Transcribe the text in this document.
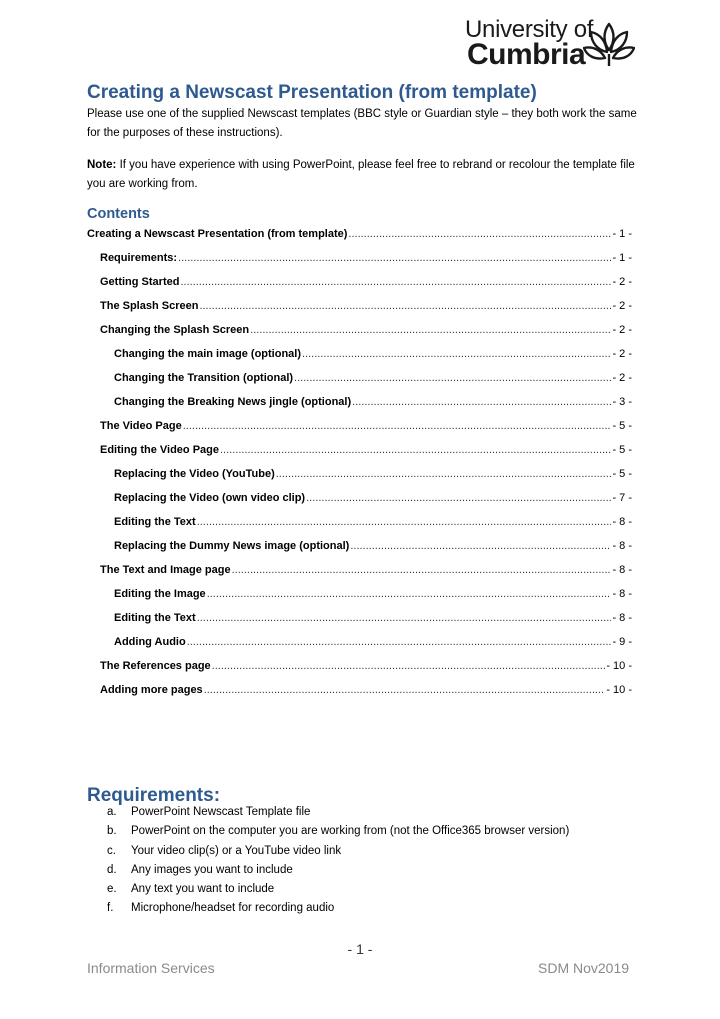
University of
Cumbria
Creating a Newscast Presentation (from template)

Please use one of the supplied Newscast templates (BBC style or Guardian style – they both work the same for the purposes of these instructions).

Note: If you have experience with using PowerPoint, please feel free to rebrand or recolour the template file you are working from.

Contents
Creating a Newscast Presentation (from template) .....	- 1 -
Requirements: .....	- 1 -
Getting Started .....	- 2 -
The Splash Screen .....	- 2 -
Changing the Splash Screen .....	- 2 -
Changing the main image (optional) .....	- 2 -
Changing the Transition (optional) .....	- 2 -
Changing the Breaking News jingle (optional) .....	- 3 -
The Video Page .....	- 5 -
Editing the Video Page .....	- 5 -
Replacing the Video (YouTube) .....	- 5 -
Replacing the Video (own video clip) .....	- 7 -
Editing the Text .....	- 8 -
Replacing the Dummy News image (optional) .....	- 8 -
The Text and Image page .....	- 8 -
Editing the Image .....	- 8 -
Editing the Text .....	- 8 -
Adding Audio .....	- 9 -
The References page .....	- 10 -
Adding more pages .....	- 10 -
Requirements:
a.	PowerPoint Newscast Template file
b.	PowerPoint on the computer you are working from (not the Office365 browser version)
c.	Your video clip(s) or a YouTube video link
d.	Any images you want to include
e.	Any text you want to include
f.	Microphone/headset for recording audio
- 1 -
Information Services	SDM Nov2019
